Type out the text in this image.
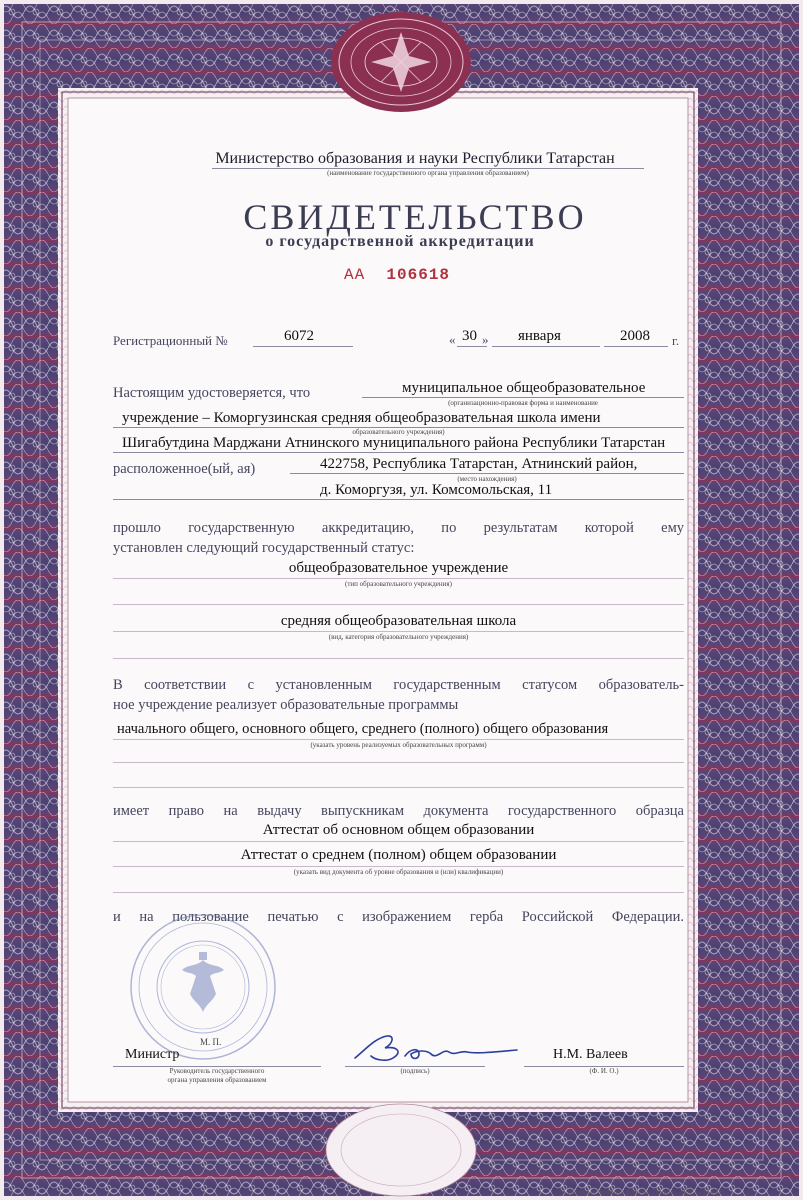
Министерство образования и науки Республики Татарстан
(наименование государственного органа управления образованием)
СВИДЕТЕЛЬСТВО
о государственной аккредитации
АА 106618
Регистрационный №	6072	« 30 » января	2008 г.
Настоящим удостоверяется, что	муниципальное общеобразовательное
(организационно-правовая форма и наименование
учреждение – Коморгузинская средняя общеобразовательная школа имени
образовательного учреждения)
Шигабутдина Марджани Атнинского муниципального района Республики Татарстан
расположенное(ый, ая)	422758, Республика Татарстан, Атнинский район,
(место нахождения)
д. Коморгузя, ул. Комсомольская, 11
прошло государственную аккредитацию, по результатам которой ему
установлен следующий государственный статус:
общеобразовательное учреждение
(тип образовательного учреждения)
средняя общеобразовательная школа
(вид, категория образовательного учреждения)
В соответствии с установленным государственным статусом образователь-
ное учреждение реализует образовательные программы
начального общего, основного общего, среднего (полного) общего образования
(указать уровень реализуемых образовательных программ)
имеет право на выдачу выпускникам документа государственного образца
Аттестат об основном общем образовании
Аттестат о среднем (полном) общем образовании
(указать вид документа об уровне образования и (или) квалификации)
и на пользование печатью с изображением герба Российской Федерации.
М. П.
Министр
Руководитель государственного
органа управления образованием
(подпись)
Н.М. Валеев
(Ф. И. О.)
© Пермская печатная фабрика Гознака. 2001.— 174300
